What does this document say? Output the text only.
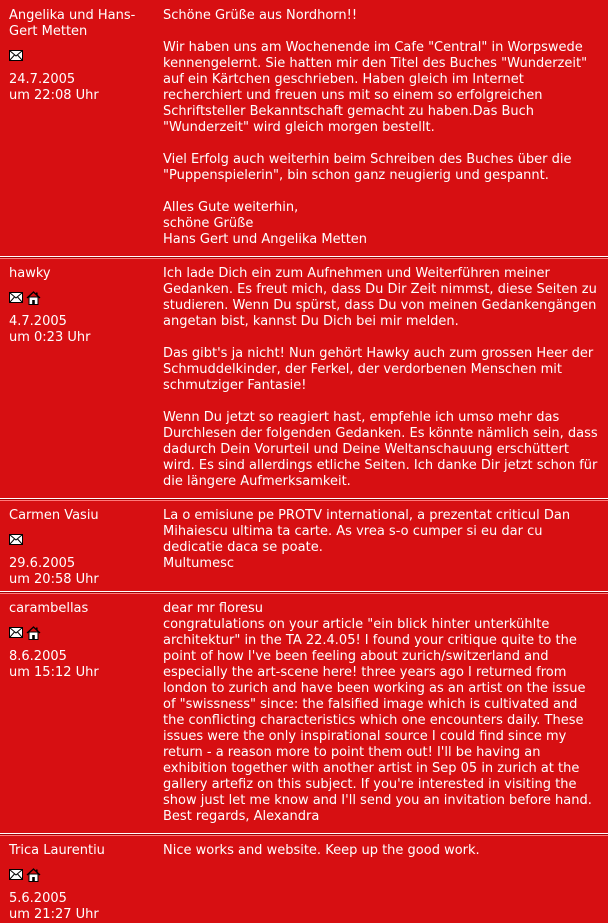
Angelika und Hans-Gert Metten
24.7.2005
um 22:08 Uhr
Schöne Grüße aus Nordhorn!!
Wir haben uns am Wochenende im Cafe "Central" in Worpswede kennengelernt. Sie hatten mir den Titel des Buches "Wunderzeit" auf ein Kärtchen geschrieben. Haben gleich im Internet recherchiert und freuen uns mit so einem so erfolgreichen Schriftsteller Bekanntschaft gemacht zu haben.Das Buch "Wunderzeit" wird gleich morgen bestellt.
Viel Erfolg auch weiterhin beim Schreiben des Buches über die "Puppenspielerin", bin schon ganz neugierig und gespannt.
Alles Gute weiterhin,
schöne Grüße
Hans Gert und Angelika Metten
hawky
4.7.2005
um 0:23 Uhr
Ich lade Dich ein zum Aufnehmen und Weiterführen meiner Gedanken. Es freut mich, dass Du Dir Zeit nimmst, diese Seiten zu studieren. Wenn Du spürst, dass Du von meinen Gedankengängen angetan bist, kannst Du Dich bei mir melden.
Das gibt's ja nicht! Nun gehört Hawky auch zum grossen Heer der Schmuddelkinder, der Ferkel, der verdorbenen Menschen mit schmutziger Fantasie!
Wenn Du jetzt so reagiert hast, empfehle ich umso mehr das Durchlesen der folgenden Gedanken. Es könnte nämlich sein, dass dadurch Dein Vorurteil und Deine Weltanschauung erschüttert wird. Es sind allerdings etliche Seiten. Ich danke Dir jetzt schon für die längere Aufmerksamkeit.
Carmen Vasiu
29.6.2005
um 20:58 Uhr
La o emisiune pe PROTV international, a prezentat criticul Dan Mihaiescu ultima ta carte. As vrea s-o cumper si eu dar cu dedicatie daca se poate.
Multumesc
carambellas
8.6.2005
um 15:12 Uhr
dear mr floresu
congratulations on your article "ein blick hinter unterkühlte architektur" in the TA 22.4.05! I found your critique quite to the point of how I've been feeling about zurich/switzerland and especially the art-scene here! three years ago I returned from london to zurich and have been working as an artist on the issue of "swissness" since: the falsified image which is cultivated and the conflicting characteristics which one encounters daily. These issues were the only inspirational source I could find since my return - a reason more to point them out! I'll be having an exhibition together with another artist in Sep 05 in zurich at the gallery artefiz on this subject. If you're interested in visiting the show just let me know and I'll send you an invitation before hand. Best regards, Alexandra
Trica Laurentiu
5.6.2005
um 21:27 Uhr
Nice works and website. Keep up the good work.
